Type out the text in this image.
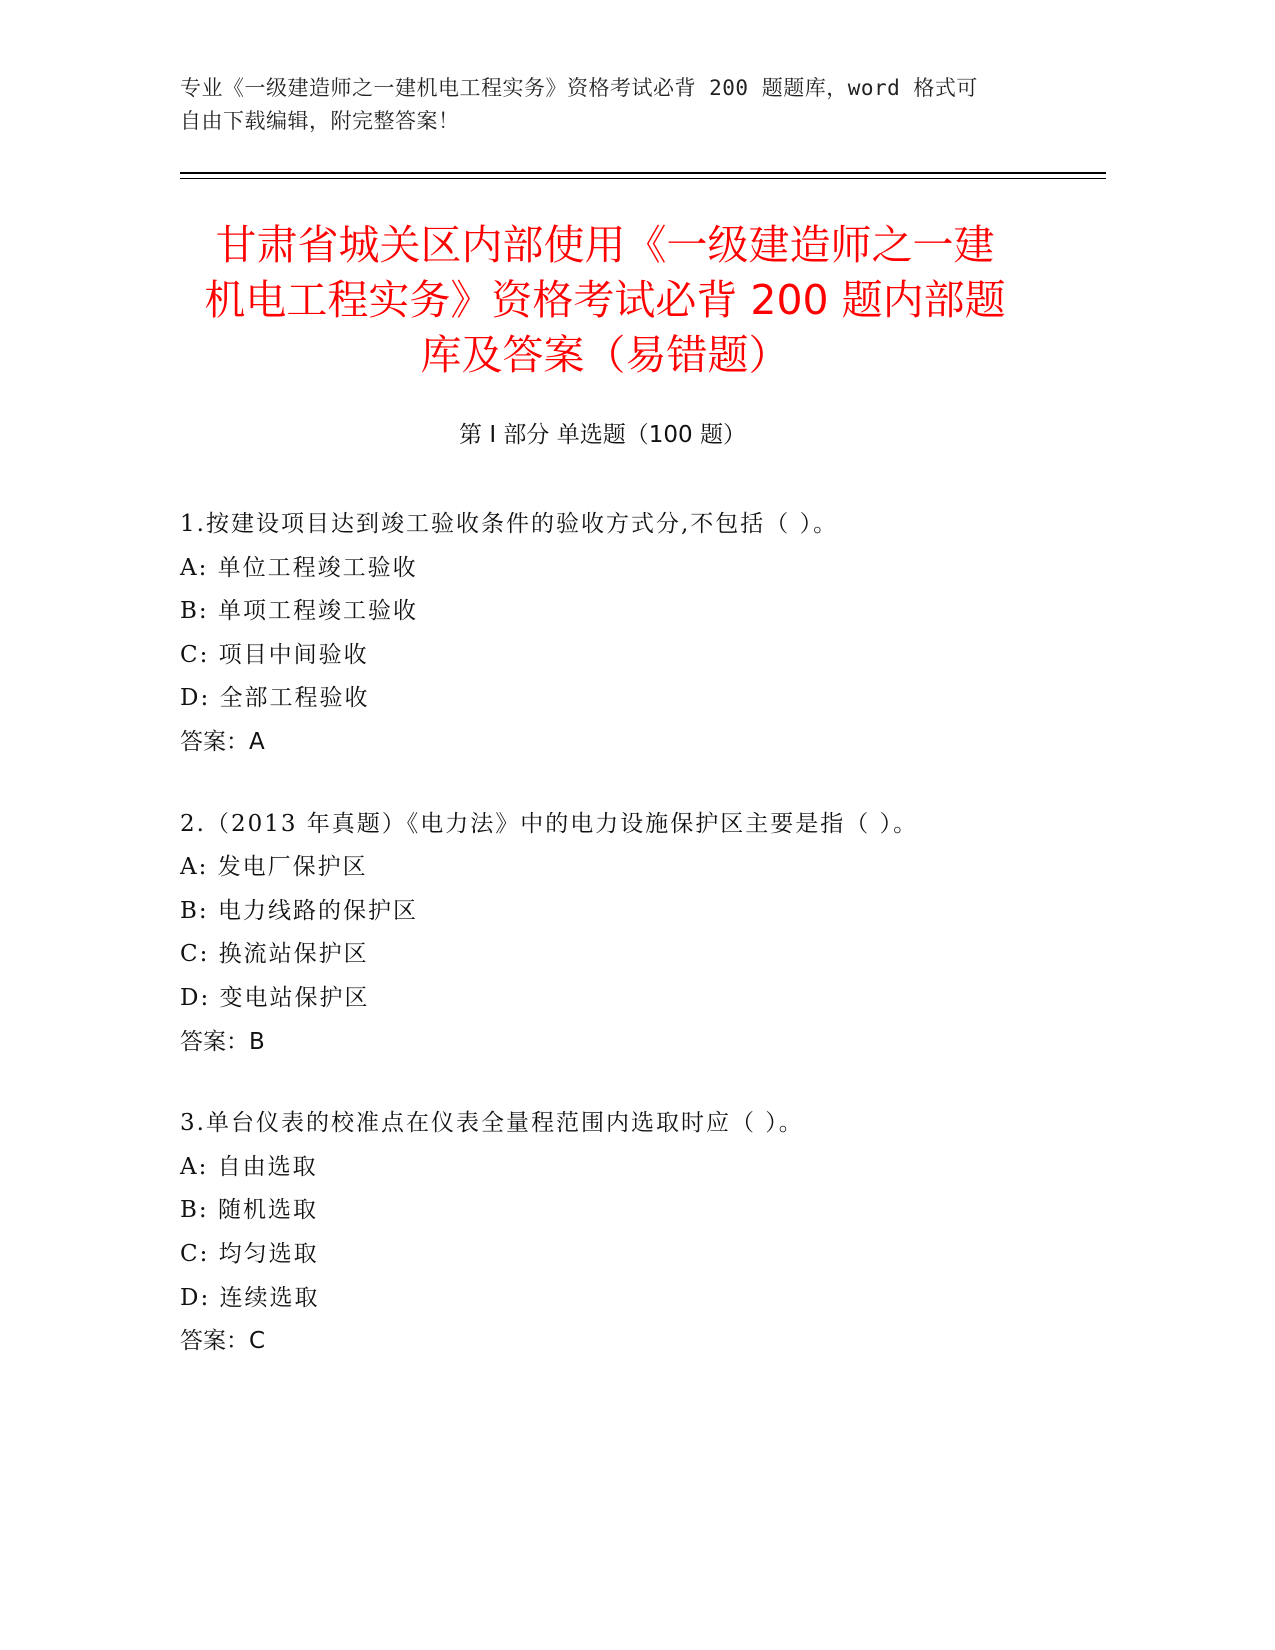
专业《一级建造师之一建机电工程实务》资格考试必背 200 题题库，word 格式可
自由下载编辑，附完整答案！
甘肃省城关区内部使用《一级建造师之一建
机电工程实务》资格考试必背 200 题内部题
库及答案（易错题）
第 I 部分 单选题（100 题）
1.按建设项目达到竣工验收条件的验收方式分,不包括（ ）。
A: 单位工程竣工验收
B: 单项工程竣工验收
C: 项目中间验收
D: 全部工程验收
答案：A
2.（2013 年真题）《电力法》中的电力设施保护区主要是指（ ）。
A: 发电厂保护区
B: 电力线路的保护区
C: 换流站保护区
D: 变电站保护区
答案：B
3.单台仪表的校准点在仪表全量程范围内选取时应（ ）。
A: 自由选取
B: 随机选取
C: 均匀选取
D: 连续选取
答案：C
